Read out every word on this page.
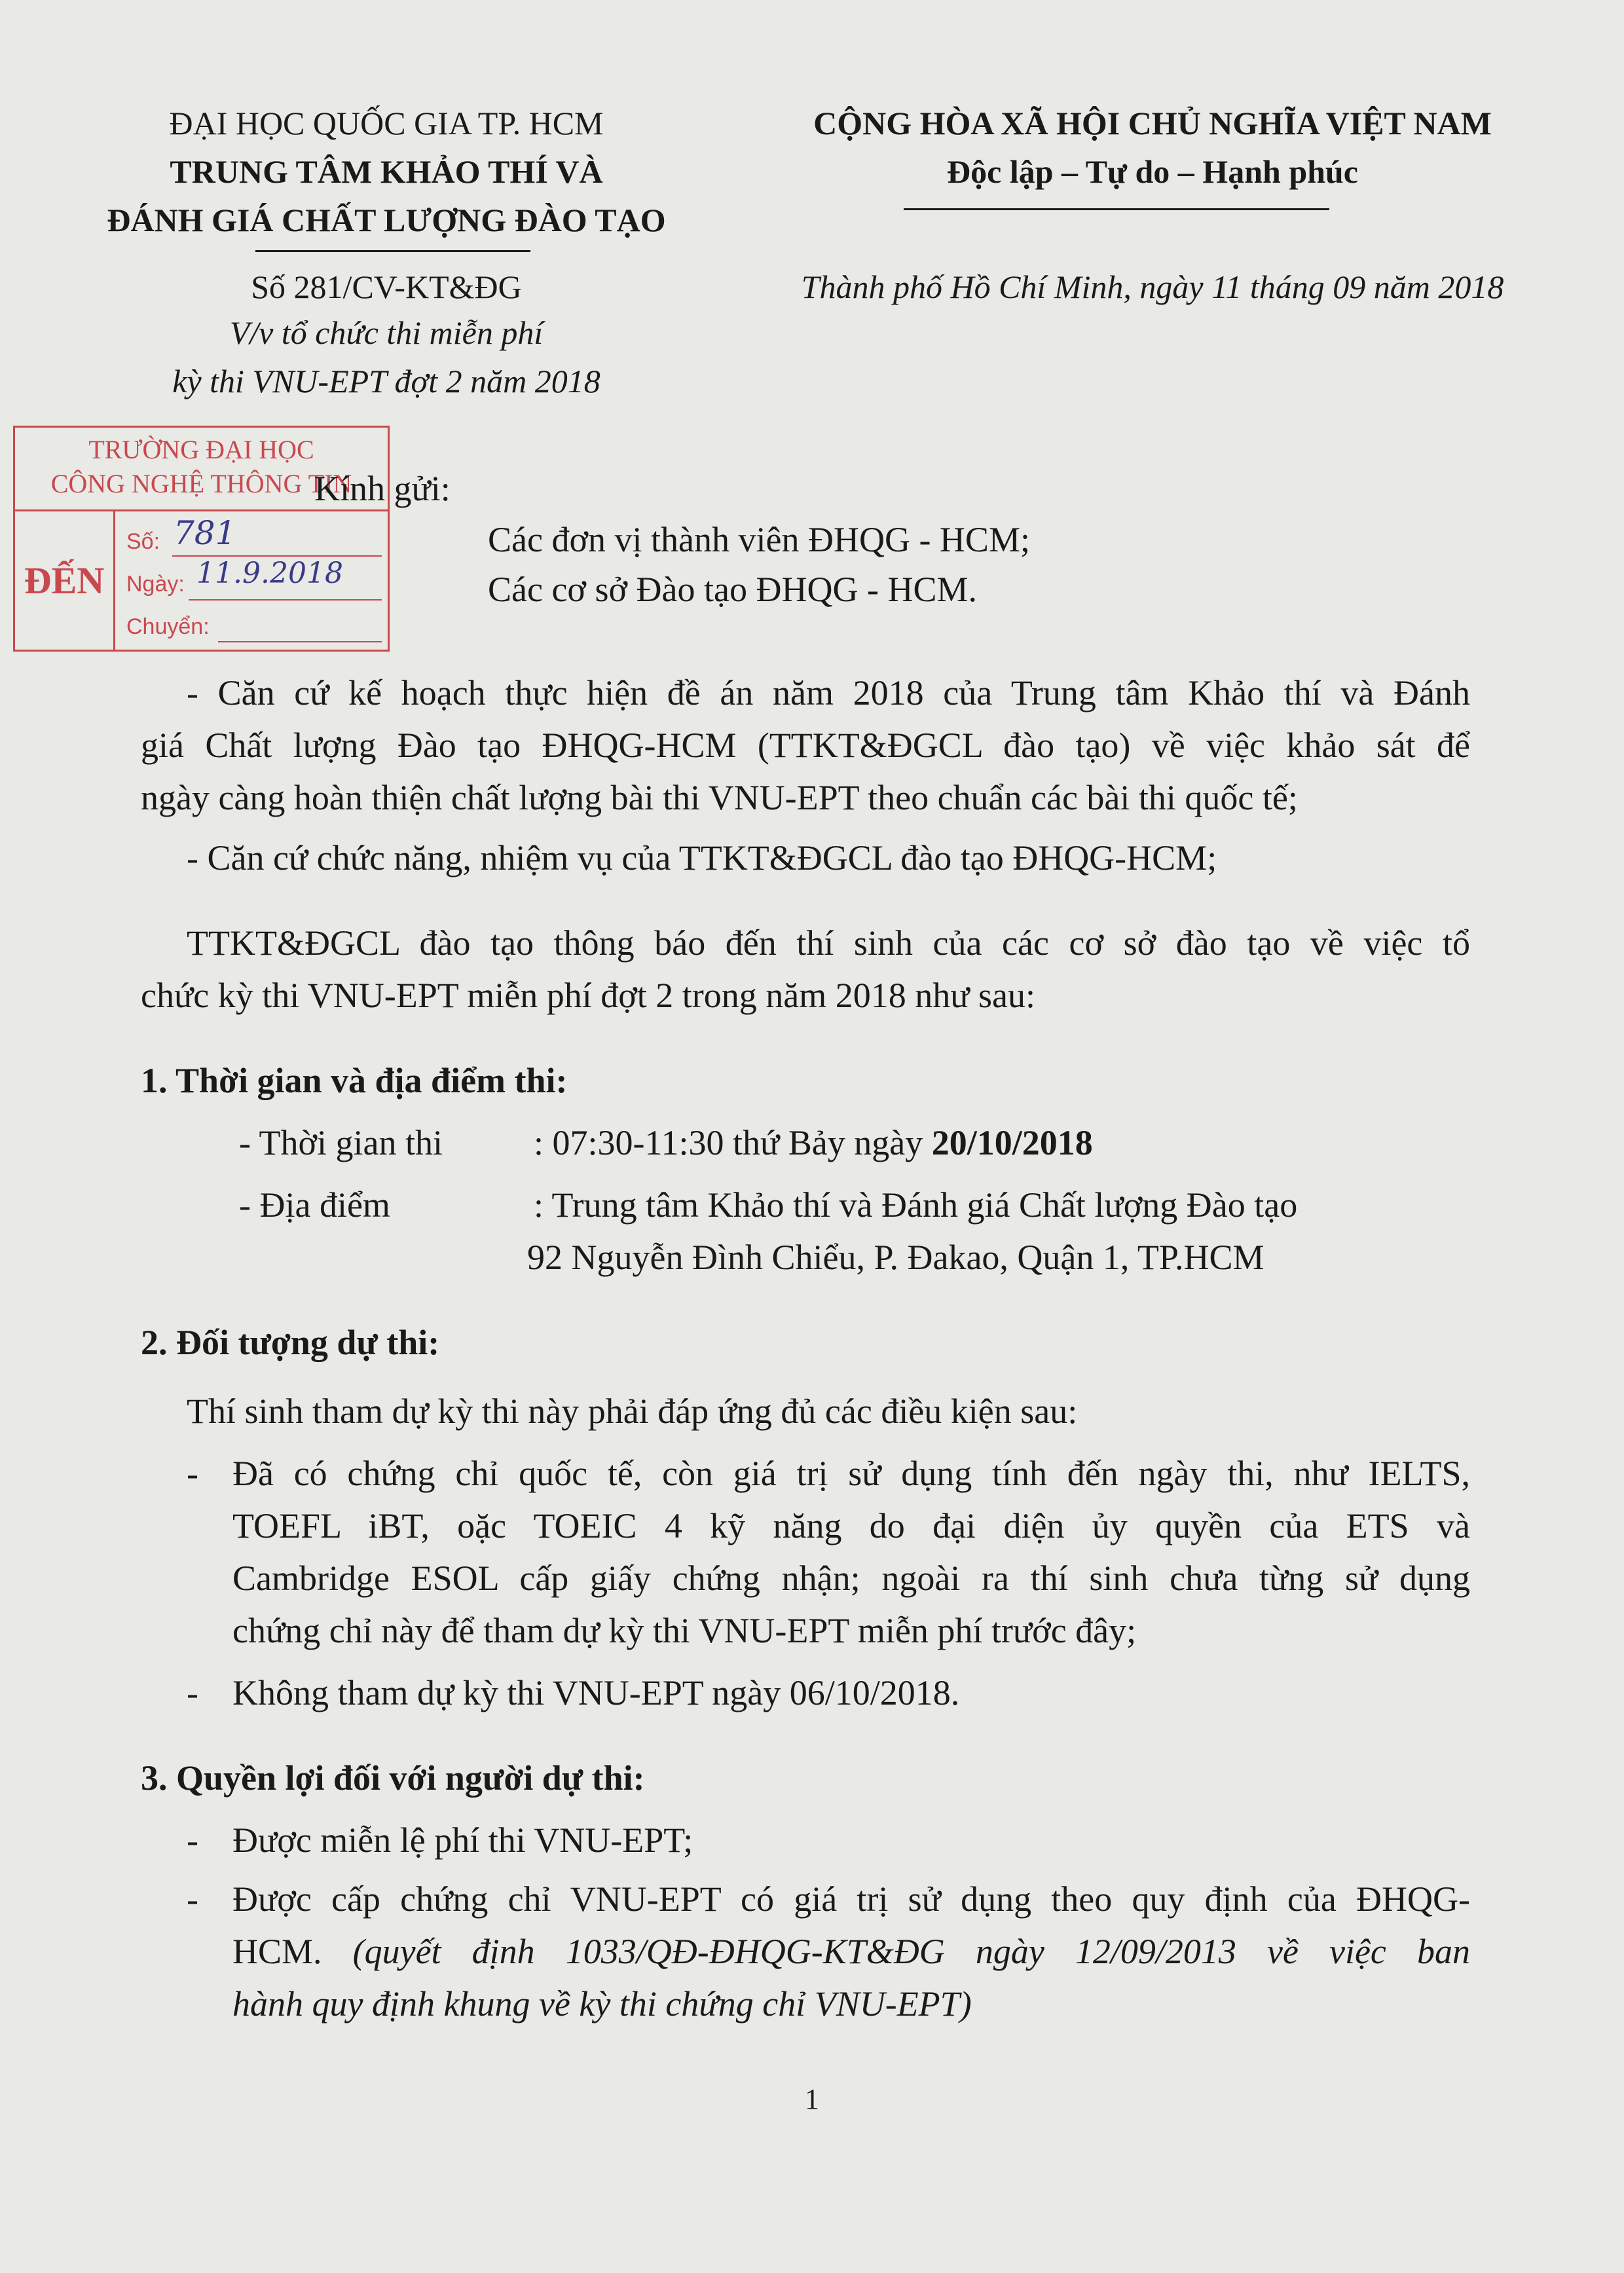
ĐẠI HỌC QUỐC GIA TP. HCM
TRUNG TÂM KHẢO THÍ VÀ
ĐÁNH GIÁ CHẤT LƯỢNG ĐÀO TẠO
Số 281/CV-KT&ĐG
V/v tổ chức thi miễn phí
kỳ thi VNU-EPT đợt 2 năm 2018
CỘNG HÒA XÃ HỘI CHỦ NGHĨA VIỆT NAM
Độc lập – Tự do – Hạnh phúc
Thành phố Hồ Chí Minh, ngày 11 tháng 09 năm 2018
TRƯỜNG ĐẠI HỌC
CÔNG NGHỆ THÔNG TIN
ĐẾN
Số:
Ngày:
Chuyển:
781
11.9.2018
Kính gửi:
Các đơn vị thành viên ĐHQG - HCM;
Các cơ sở Đào tạo ĐHQG - HCM.
- Căn cứ kế hoạch thực hiện đề án năm 2018 của Trung tâm Khảo thí và Đánh
giá Chất lượng Đào tạo ĐHQG-HCM (TTKT&ĐGCL đào tạo) về việc khảo sát để
ngày càng hoàn thiện chất lượng bài thi VNU-EPT theo chuẩn các bài thi quốc tế;
- Căn cứ chức năng, nhiệm vụ của TTKT&ĐGCL đào tạo ĐHQG-HCM;
TTKT&ĐGCL đào tạo thông báo đến thí sinh của các cơ sở đào tạo về việc tổ
chức kỳ thi VNU-EPT miễn phí đợt 2 trong năm 2018 như sau:
1. Thời gian và địa điểm thi:
- Thời gian thi	: 07:30-11:30 thứ Bảy ngày 20/10/2018
- Địa điểm	: Trung tâm Khảo thí và Đánh giá Chất lượng Đào tạo
92 Nguyễn Đình Chiểu, P. Đakao, Quận 1, TP.HCM
2. Đối tượng dự thi:
Thí sinh tham dự kỳ thi này phải đáp ứng đủ các điều kiện sau:
- Đã có chứng chỉ quốc tế, còn giá trị sử dụng tính đến ngày thi, như IELTS,
TOEFL iBT, oặc TOEIC 4 kỹ năng do đại diện ủy quyền của ETS và
Cambridge ESOL cấp giấy chứng nhận; ngoài ra thí sinh chưa từng sử dụng
chứng chỉ này để tham dự kỳ thi VNU-EPT miễn phí trước đây;
- Không tham dự kỳ thi VNU-EPT ngày 06/10/2018.
3. Quyền lợi đối với người dự thi:
- Được miễn lệ phí thi VNU-EPT;
- Được cấp chứng chỉ VNU-EPT có giá trị sử dụng theo quy định của ĐHQG-
HCM. (quyết định 1033/QĐ-ĐHQG-KT&ĐG ngày 12/09/2013 về việc ban
hành quy định khung về kỳ thi chứng chỉ VNU-EPT)
1
